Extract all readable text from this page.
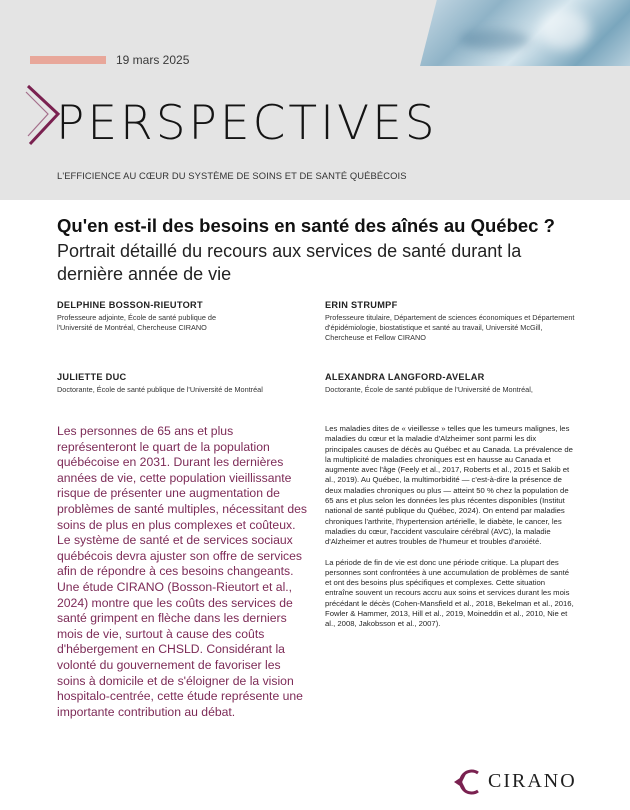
19 mars 2025
PERSPECTIVES
L'EFFICIENCE AU CŒUR DU SYSTÈME DE SOINS ET DE SANTÉ QUÉBÉCOIS
Qu'en est-il des besoins en santé des aînés au Québec ?
Portrait détaillé du recours aux services de santé durant la dernière année de vie
DELPHINE BOSSON-RIEUTORT
Professeure adjointe, École de santé publique de l'Université de Montréal, Chercheuse CIRANO
ERIN STRUMPF
Professeure titulaire, Département de sciences économiques et Département d'épidémiologie, biostatistique et santé au travail, Université McGill, Chercheuse et Fellow CIRANO
JULIETTE DUC
Doctorante, École de santé publique de l'Université de Montréal
ALEXANDRA LANGFORD-AVELAR
Doctorante, École de santé publique de l'Université de Montréal,
Les personnes de 65 ans et plus représenteront le quart de la population québécoise en 2031. Durant les dernières années de vie, cette population vieillissante risque de présenter une augmentation de problèmes de santé multiples, nécessitant des soins de plus en plus complexes et coûteux. Le système de santé et de services sociaux québécois devra ajuster son offre de services afin de répondre à ces besoins changeants. Une étude CIRANO (Bosson-Rieutort et al., 2024) montre que les coûts des services de santé grimpent en flèche dans les derniers mois de vie, surtout à cause des coûts d'hébergement en CHSLD. Considérant la volonté du gouvernement de favoriser les soins à domicile et de s'éloigner de la vision hospitalo-centrée, cette étude représente une importante contribution au débat.

Les maladies dites de « vieillesse » telles que les tumeurs malignes, les maladies du cœur et la maladie d'Alzheimer sont parmi les dix principales causes de décès au Québec et au Canada. La prévalence de la multiplicité de maladies chroniques est en hausse au Canada et augmente avec l'âge (Feely et al., 2017, Roberts et al., 2015 et Sakib et al., 2019). Au Québec, la multimorbidité — c'est-à-dire la présence de deux maladies chroniques ou plus — atteint 50 % chez la population de 65 ans et plus selon les données les plus récentes disponibles (Institut national de santé publique du Québec, 2024). On entend par maladies chroniques l'arthrite, l'hypertension artérielle, le diabète, le cancer, les maladies du cœur, l'accident vasculaire cérébral (AVC), la maladie d'Alzheimer et autres troubles de l'humeur et troubles d'anxiété.

La période de fin de vie est donc une période critique. La plupart des personnes sont confrontées à une accumulation de problèmes de santé et ont des besoins plus spécifiques et complexes. Cette situation entraîne souvent un recours accru aux soins et services durant les mois précédant le décès (Cohen-Mansfield et al., 2018, Bekelman et al., 2016, Fowler & Hammer, 2013, Hill et al., 2019, Moineddin et al., 2010, Nie et al., 2008, Jakobsson et al., 2007).

CIRANO
